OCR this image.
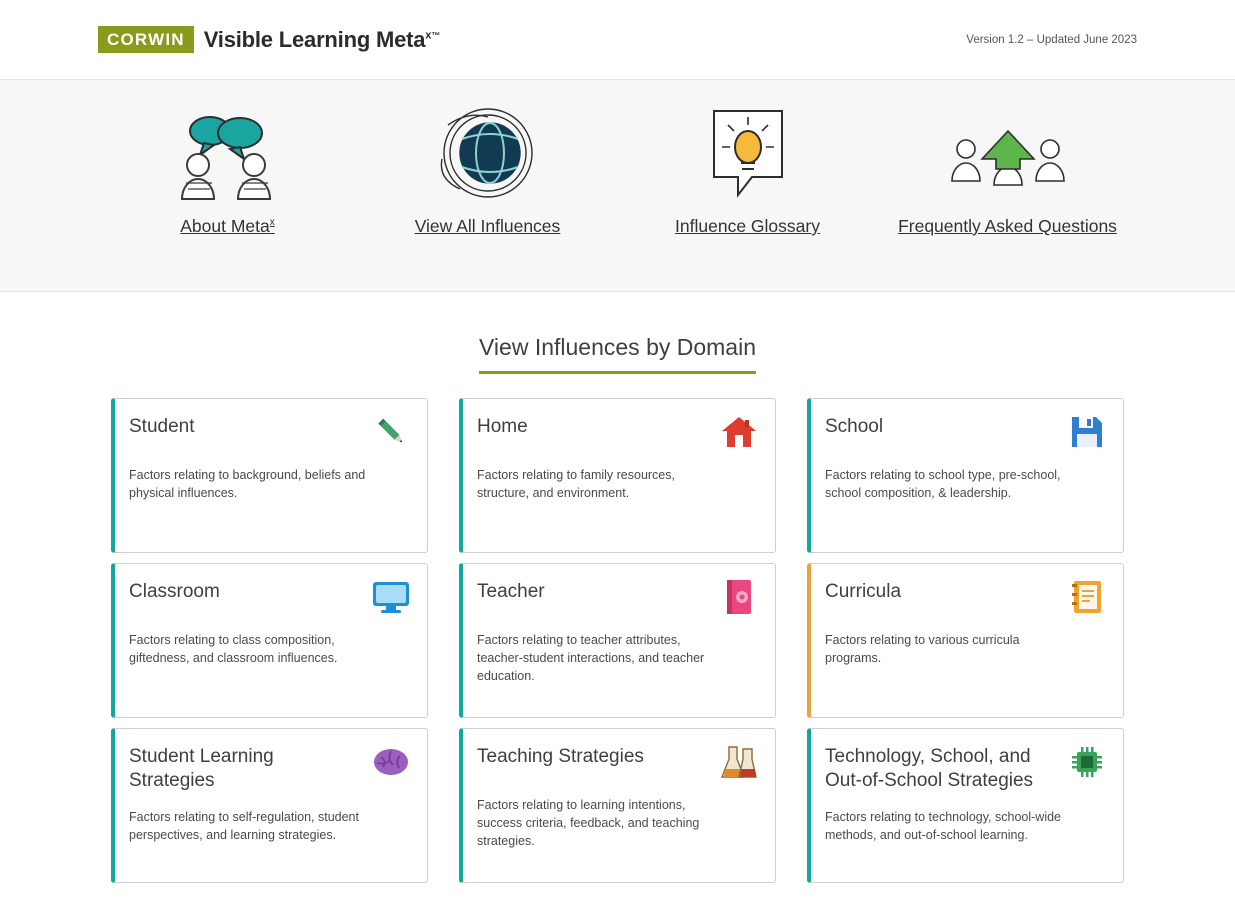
CORWIN Visible Learning Meta$^{x™}$	Version 1.2 – Updated June 2023
About Meta$^x$	View All Influences	Influence Glossary	Frequently Asked Questions
View Influences by Domain
Student
Factors relating to background, beliefs and physical influences.
Home
Factors relating to family resources, structure, and environment.
School
Factors relating to school type, pre-school, school composition, & leadership.
Classroom
Factors relating to class composition, giftedness, and classroom influences.
Teacher
Factors relating to teacher attributes, teacher-student interactions, and teacher education.
Curricula
Factors relating to various curricula programs.
Student Learning Strategies
Factors relating to self-regulation, student perspectives, and learning strategies.
Teaching Strategies
Factors relating to learning intentions, success criteria, feedback, and teaching strategies.
Technology, School, and Out-of-School Strategies
Factors relating to technology, school-wide methods, and out-of-school learning.
